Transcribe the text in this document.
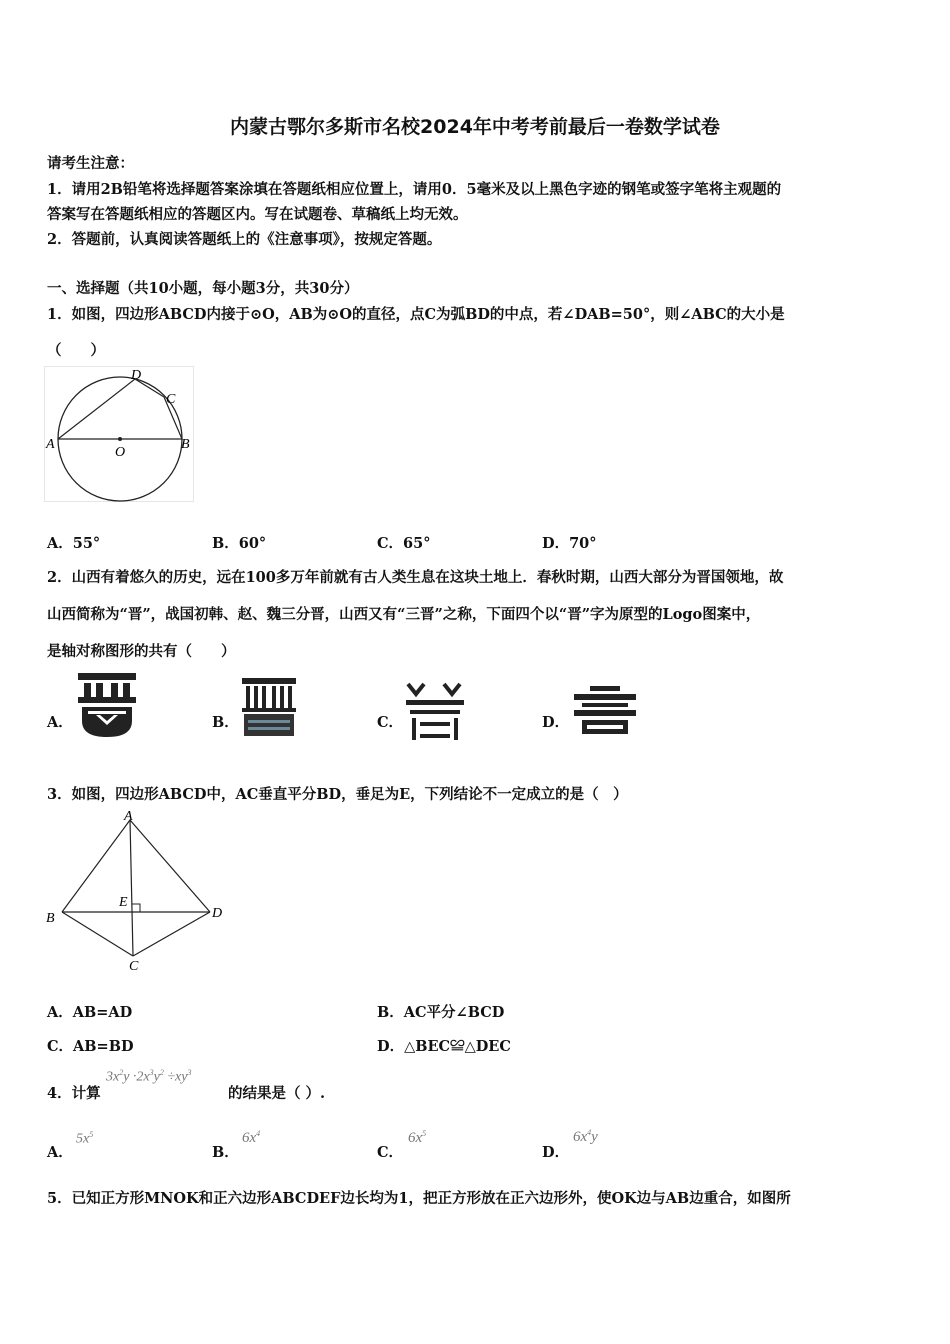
内蒙古鄂尔多斯市名校2024年中考考前最后一卷数学试卷
请考生注意：
1．请用2B铅笔将选择题答案涂填在答题纸相应位置上，请用0．5毫米及以上黑色字迹的钢笔或签字笔将主观题的
答案写在答题纸相应的答题区内。写在试题卷、草稿纸上均无效。
2．答题前，认真阅读答题纸上的《注意事项》，按规定答题。
一、选择题（共10小题，每小题3分，共30分）
1．如图，四边形ABCD内接于⊙O，AB为⊙O的直径，点C为弧BD的中点，若∠DAB=50°，则∠ABC的大小是
（　　）
A	B
C
D
O
A．55°	B．60°	C．65°	D．70°
2．山西有着悠久的历史，远在100多万年前就有古人类生息在这块土地上．春秋时期，山西大部分为晋国领地，故
山西简称为“晋”，战国初韩、赵、魏三分晋，山西又有“三晋”之称，下面四个以“晋”字为原型的Logo图案中，
是轴对称图形的共有（　　）
A．	B．	C．	D．
3．如图，四边形ABCD中，AC垂直平分BD，垂足为E，下列结论不一定成立的是（　）
A
B
C
D
E
A．AB=AD	B．AC平分∠BCD
C．AB=BD	D．△BEC≌△DEC
4．计算
$3x^2y \cdot 2x^3y^2 \div xy^3$
的结果是（ ）.
A．
$5x^5$
B．
$6x^4$
C．
$6x^5$
D．
$6x^4y$
5．已知正方形MNOK和正六边形ABCDEF边长均为1，把正方形放在正六边形外，使OK边与AB边重合，如图所
